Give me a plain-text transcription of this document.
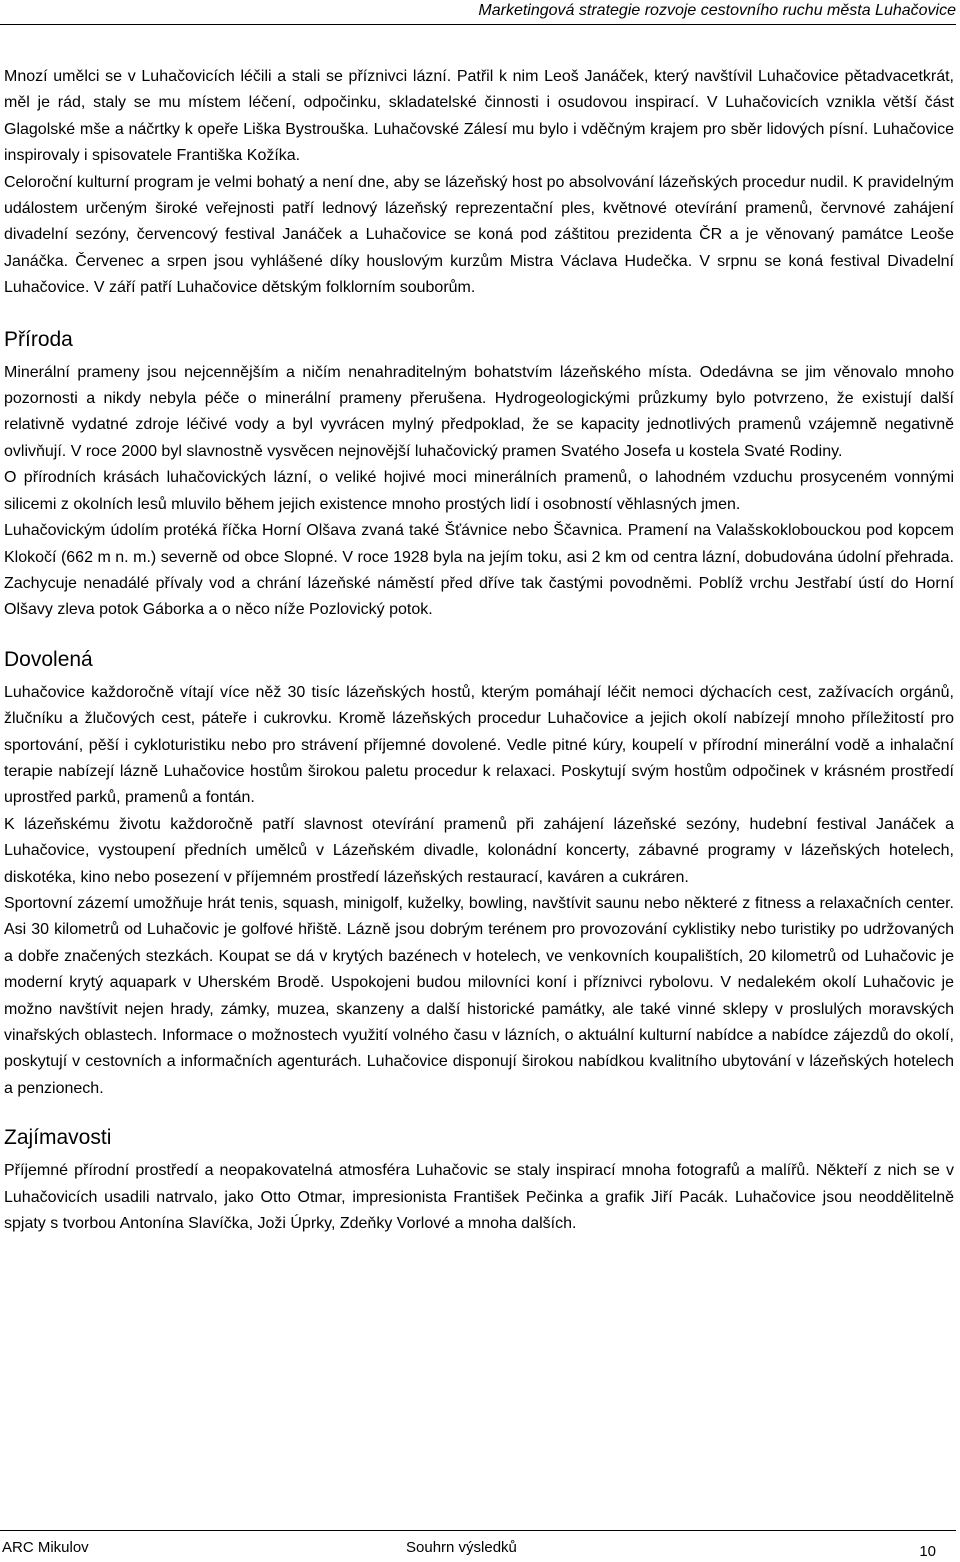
Marketingová strategie rozvoje cestovního ruchu města Luhačovice

Mnozí umělci se v Luhačovicích léčili a stali se příznivci lázní. Patřil k nim Leoš Janáček, který navštívil Luhačovice pětadvacetkrát, měl je rád, staly se mu místem léčení, odpočinku, skladatelské činnosti i osudovou inspirací. V Luhačovicích vznikla větší část Glagolské mše a náčrtky k opeře Liška Bystrouška. Luhačovské Zálesí mu bylo i vděčným krajem pro sběr lidových písní. Luhačovice inspirovaly i spisovatele Františka Kožíka.

Celoroční kulturní program je velmi bohatý a není dne, aby se lázeňský host po absolvování lázeňských procedur nudil. K pravidelným událostem určeným široké veřejnosti patří lednový lázeňský reprezentační ples, květnové otevírání pramenů, červnové zahájení divadelní sezóny, červencový festival Janáček a Luhačovice se koná pod záštitou prezidenta ČR a je věnovaný památce Leoše Janáčka. Červenec a srpen jsou vyhlášené díky houslovým kurzům Mistra Václava Hudečka. V srpnu se koná festival Divadelní Luhačovice. V září patří Luhačovice dětským folklorním souborům.

Příroda

Minerální prameny jsou nejcennějším a ničím nenahraditelným bohatstvím lázeňského místa. Odedávna se jim věnovalo mnoho pozornosti a nikdy nebyla péče o minerální prameny přerušena. Hydrogeologickými průzkumy bylo potvrzeno, že existují další relativně vydatné zdroje léčivé vody a byl vyvrácen mylný předpoklad, že se kapacity jednotlivých pramenů vzájemně negativně ovlivňují. V roce 2000 byl slavnostně vysvěcen nejnovější luhačovický pramen Svatého Josefa u kostela Svaté Rodiny.

O přírodních krásách luhačovických lázní, o veliké hojivé moci minerálních pramenů, o lahodném vzduchu prosyceném vonnými silicemi z okolních lesů mluvilo během jejich existence mnoho prostých lidí i osobností věhlasných jmen.

Luhačovickým údolím protéká říčka Horní Olšava zvaná také Šťávnice nebo Ščavnica. Pramení na Valašskoklobouckou pod kopcem Klokočí (662 m n. m.) severně od obce Slopné. V roce 1928 byla na jejím toku, asi 2 km od centra lázní, dobudována údolní přehrada. Zachycuje nenadálé přívaly vod a chrání lázeňské náměstí před dříve tak častými povodněmi. Poblíž vrchu Jestřabí ústí do Horní Olšavy zleva potok Gáborka a o něco níže Pozlovický potok.

Dovolená

Luhačovice každoročně vítají více něž 30 tisíc lázeňských hostů, kterým pomáhají léčit nemoci dýchacích cest, zažívacích orgánů, žlučníku a žlučových cest, páteře i cukrovku. Kromě lázeňských procedur Luhačovice a jejich okolí nabízejí mnoho příležitostí pro sportování, pěší i cykloturistiku nebo pro strávení příjemné dovolené. Vedle pitné kúry, koupelí v přírodní minerální vodě a inhalační terapie nabízejí lázně Luhačovice hostům širokou paletu procedur k relaxaci. Poskytují svým hostům odpočinek v krásném prostředí uprostřed parků, pramenů a fontán.

K lázeňskému životu každoročně patří slavnost otevírání pramenů při zahájení lázeňské sezóny, hudební festival Janáček a Luhačovice, vystoupení předních umělců v Lázeňském divadle, kolonádní koncerty, zábavné programy v lázeňských hotelech, diskotéka, kino nebo posezení v příjemném prostředí lázeňských restaurací, kaváren a cukráren.

Sportovní zázemí umožňuje hrát tenis, squash, minigolf, kuželky, bowling, navštívit saunu nebo některé z fitness a relaxačních center. Asi 30 kilometrů od Luhačovic je golfové hřiště. Lázně jsou dobrým terénem pro provozování cyklistiky nebo turistiky po udržovaných a dobře značených stezkách. Koupat se dá v krytých bazénech v hotelech, ve venkovních koupalištích, 20 kilometrů od Luhačovic je moderní krytý aquapark v Uherském Brodě. Uspokojeni budou milovníci koní i příznivci rybolovu. V nedalekém okolí Luhačovic je možno navštívit nejen hrady, zámky, muzea, skanzeny a další historické památky, ale také vinné sklepy v proslulých moravských vinařských oblastech. Informace o možnostech využití volného času v lázních, o aktuální kulturní nabídce a nabídce zájezdů do okolí, poskytují v cestovních a informačních agenturách. Luhačovice disponují širokou nabídkou kvalitního ubytování v lázeňských hotelech a penzionech.

Zajímavosti

Příjemné přírodní prostředí a neopakovatelná atmosféra Luhačovic se staly inspirací mnoha fotografů a malířů. Někteří z nich se v Luhačovicích usadili natrvalo, jako Otto Otmar, impresionista František Pečinka a grafik Jiří Pacák. Luhačovice jsou neoddělitelně spjaty s tvorbou Antonína Slavíčka, Joži Úprky, Zdeňky Vorlové a mnoha dalších.

ARC Mikulov	Souhrn výsledků	10
